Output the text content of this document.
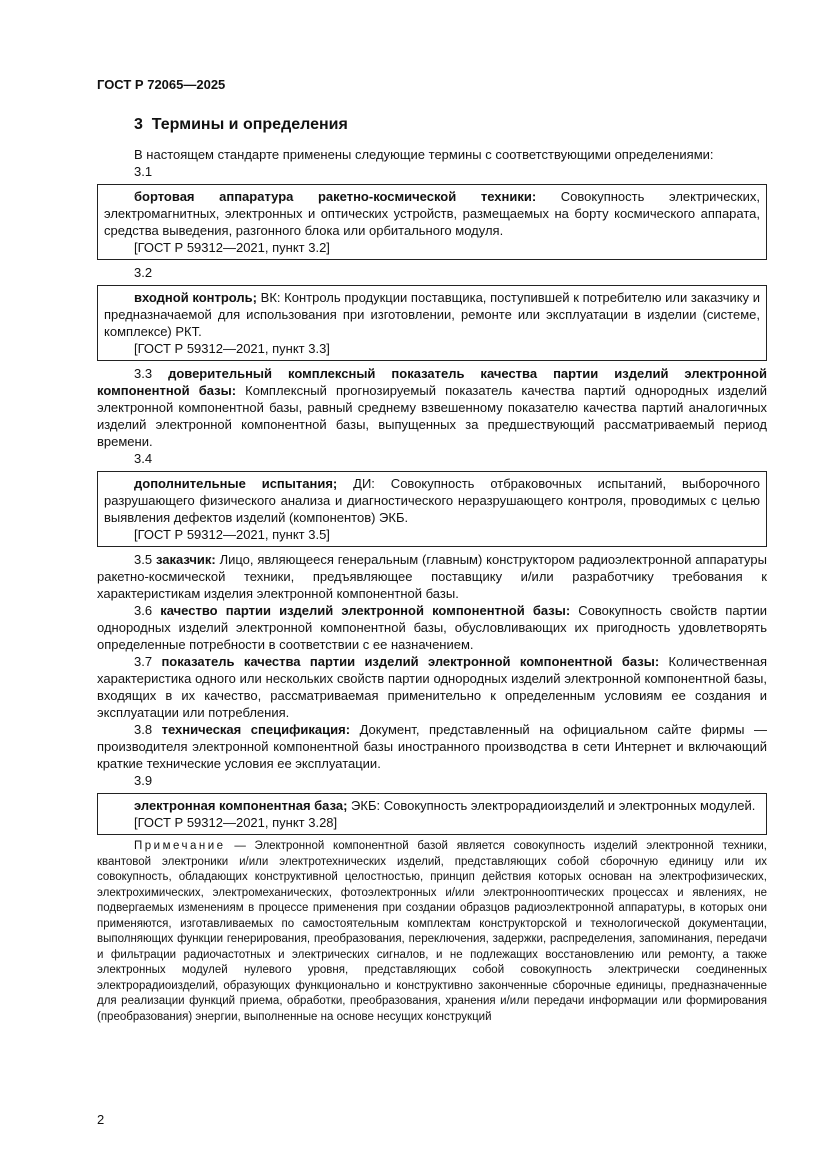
ГОСТ Р 72065—2025
3 Термины и определения

В настоящем стандарте применены следующие термины с соответствующими определениями:

3.1

бортовая аппаратура ракетно-космической техники: Совокупность электрических, электромагнитных, электронных и оптических устройств, размещаемых на борту космического аппарата, средства выведения, разгонного блока или орбитального модуля.

[ГОСТ Р 59312—2021, пункт 3.2]

3.2

входной контроль; ВК: Контроль продукции поставщика, поступившей к потребителю или заказчику и предназначаемой для использования при изготовлении, ремонте или эксплуатации в изделии (системе, комплексе) РКТ.

[ГОСТ Р 59312—2021, пункт 3.3]

3.3 доверительный комплексный показатель качества партии изделий электронной компонентной базы: Комплексный прогнозируемый показатель качества партий однородных изделий электронной компонентной базы, равный среднему взвешенному показателю качества партий аналогичных изделий электронной компонентной базы, выпущенных за предшествующий рассматриваемый период времени.

3.4

дополнительные испытания; ДИ: Совокупность отбраковочных испытаний, выборочного разрушающего физического анализа и диагностического неразрушающего контроля, проводимых с целью выявления дефектов изделий (компонентов) ЭКБ.

[ГОСТ Р 59312—2021, пункт 3.5]

3.5 заказчик: Лицо, являющееся генеральным (главным) конструктором радиоэлектронной аппаратуры ракетно-космической техники, предъявляющее поставщику и/или разработчику требования к характеристикам изделия электронной компонентной базы.

3.6 качество партии изделий электронной компонентной базы: Совокупность свойств партии однородных изделий электронной компонентной базы, обусловливающих их пригодность удовлетворять определенные потребности в соответствии с ее назначением.

3.7 показатель качества партии изделий электронной компонентной базы: Количественная характеристика одного или нескольких свойств партии однородных изделий электронной компонентной базы, входящих в их качество, рассматриваемая применительно к определенным условиям ее создания и эксплуатации или потребления.

3.8 техническая спецификация: Документ, представленный на официальном сайте фирмы — производителя электронной компонентной базы иностранного производства в сети Интернет и включающий краткие технические условия ее эксплуатации.

3.9

электронная компонентная база; ЭКБ: Совокупность электрорадиоизделий и электронных модулей.

[ГОСТ Р 59312—2021, пункт 3.28]

Примечание — Электронной компонентной базой является совокупность изделий электронной техники, квантовой электроники и/или электротехнических изделий, представляющих собой сборочную единицу или их совокупность, обладающих конструктивной целостностью, принцип действия которых основан на электрофизических, электрохимических, электромеханических, фотоэлектронных и/или электроннооптических процессах и явлениях, не подвергаемых изменениям в процессе применения при создании образцов радиоэлектронной аппаратуры, в которых они применяются, изготавливаемых по самостоятельным комплектам конструкторской и технологической документации, выполняющих функции генерирования, преобразования, переключения, задержки, распределения, запоминания, передачи и фильтрации радиочастотных и электрических сигналов, и не подлежащих восстановлению или ремонту, а также электронных модулей нулевого уровня, представляющих собой совокупность электрически соединенных электрорадиоизделий, образующих функционально и конструктивно законченные сборочные единицы, предназначенные для реализации функций приема, обработки, преобразования, хранения и/или передачи информации или формирования (преобразования) энергии, выполненные на основе несущих конструкций

2
